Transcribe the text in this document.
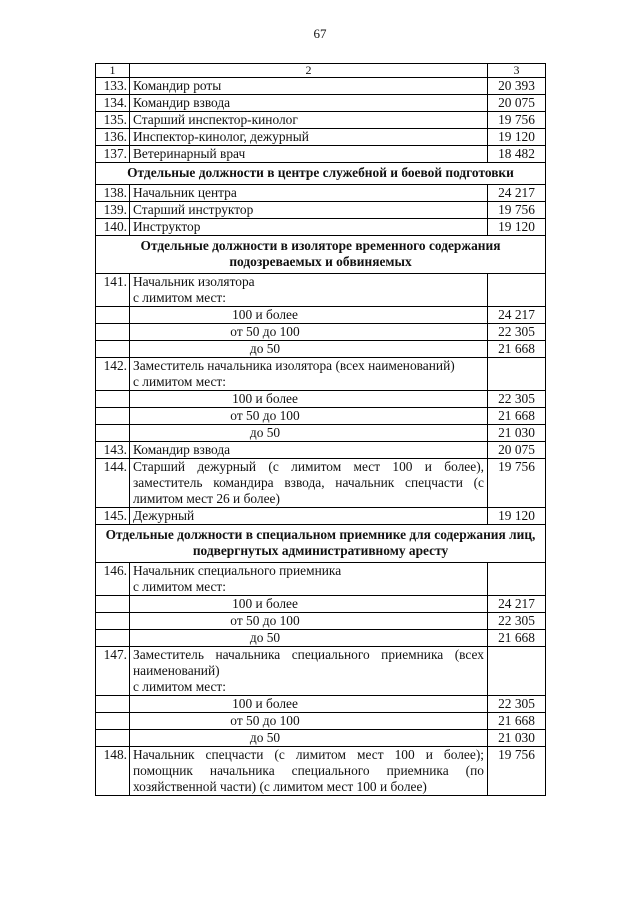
67
1	2	3
133.	Командир роты	20 393
134.	Командир взвода	20 075
135.	Старший инспектор-кинолог	19 756
136.	Инспектор-кинолог, дежурный	19 120
137.	Ветеринарный врач	18 482
Отдельные должности в центре служебной и боевой подготовки		
138.	Начальник центра	24 217
139.	Старший инструктор	19 756
140.	Инструктор	19 120
Отдельные должности в изоляторе временного содержания подозреваемых и обвиняемых		
141.	Начальник изолятора
с лимитом мест:	

	100 и более	24 217
	от 50 до 100	22 305
	до 50	21 668
142.	Заместитель начальника изолятора (всех наименований)
с лимитом мест:	

	100 и более	22 305
	от 50 до 100	21 668
	до 50	21 030
143.	Командир взвода	20 075
144.	Старший дежурный (с лимитом мест 100 и более), заместитель командира взвода, начальник спецчасти (с лимитом мест 26 и более)	19 756
145.	Дежурный	19 120
Отдельные должности в специальном приемнике для содержания лиц, подвергнутых административному аресту		
146.	Начальник специального приемника
с лимитом мест:	

	100 и более	24 217
	от 50 до 100	22 305
	до 50	21 668
147.	Заместитель начальника специального приемника (всех наименований)
с лимитом мест:	

	100 и более	22 305
	от 50 до 100	21 668
	до 50	21 030
148.	Начальник спецчасти (с лимитом мест 100 и более); помощник начальника специального приемника (по хозяйственной части) (с лимитом мест 100 и более)	19 756
